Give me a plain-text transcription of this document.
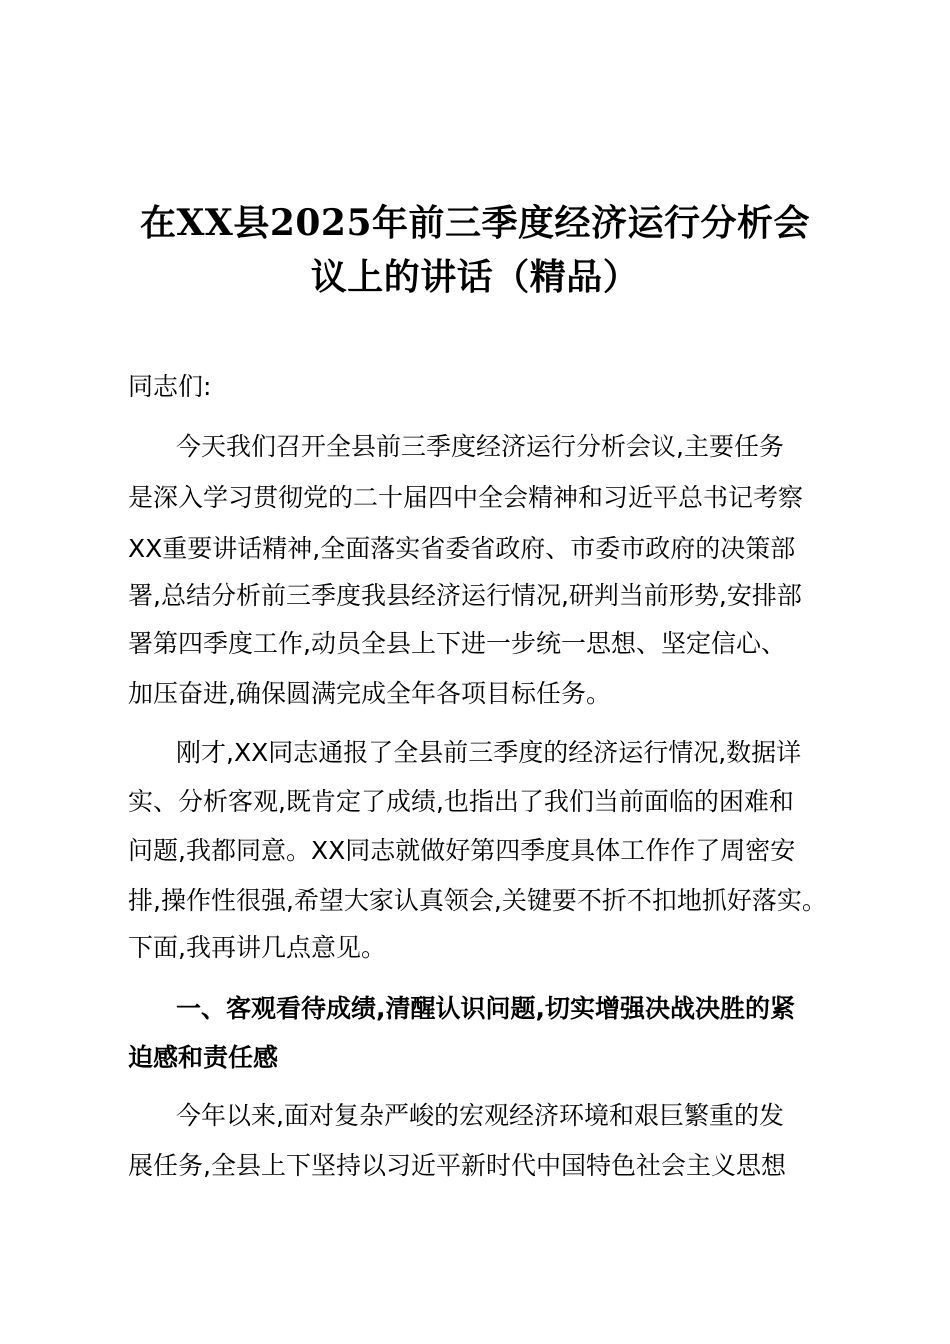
在XX县2025年前三季度经济运行分析会
议上的讲话（精品）
同志们:
今天我们召开全县前三季度经济运行分析会议,主要任务
是深入学习贯彻党的二十届四中全会精神和习近平总书记考察
XX重要讲话精神,全面落实省委省政府、市委市政府的决策部
署,总结分析前三季度我县经济运行情况,研判当前形势,安排部
署第四季度工作,动员全县上下进一步统一思想、坚定信心、
加压奋进,确保圆满完成全年各项目标任务。
刚才,XX同志通报了全县前三季度的经济运行情况,数据详
实、分析客观,既肯定了成绩,也指出了我们当前面临的困难和
问题,我都同意。XX同志就做好第四季度具体工作作了周密安
排,操作性很强,希望大家认真领会,关键要不折不扣地抓好落实。
下面,我再讲几点意见。
一、客观看待成绩,清醒认识问题,切实增强决战决胜的紧
迫感和责任感
今年以来,面对复杂严峻的宏观经济环境和艰巨繁重的发
展任务,全县上下坚持以习近平新时代中国特色社会主义思想
